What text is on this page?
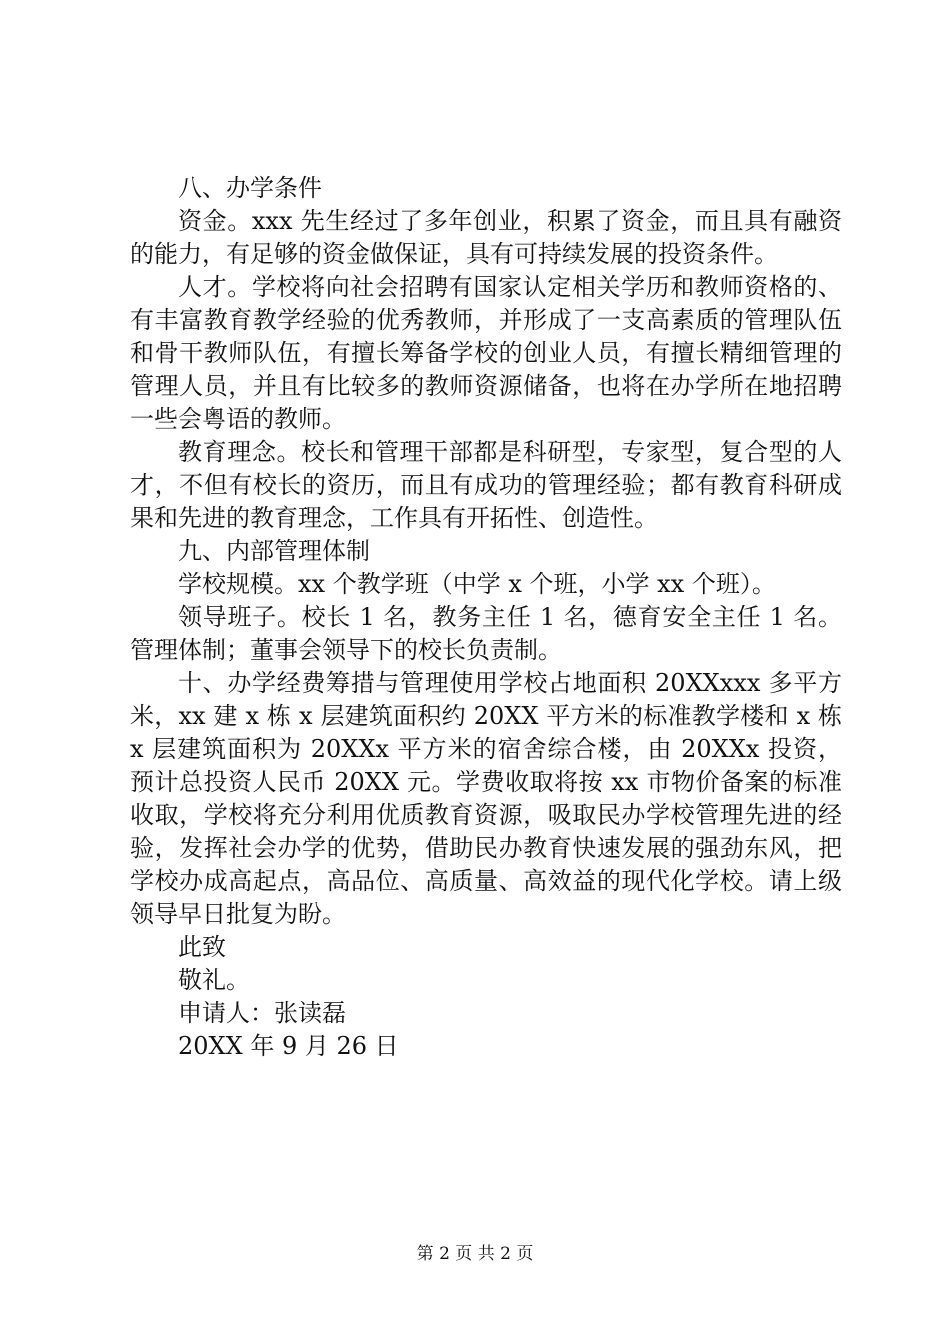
八、办学条件

资金。xxx 先生经过了多年创业，积累了资金，而且具有融资的能力，有足够的资金做保证，具有可持续发展的投资条件。

人才。学校将向社会招聘有国家认定相关学历和教师资格的、有丰富教育教学经验的优秀教师，并形成了一支高素质的管理队伍和骨干教师队伍，有擅长筹备学校的创业人员，有擅长精细管理的管理人员，并且有比较多的教师资源储备，也将在办学所在地招聘一些会粤语的教师。

教育理念。校长和管理干部都是科研型，专家型，复合型的人才，不但有校长的资历，而且有成功的管理经验；都有教育科研成果和先进的教育理念，工作具有开拓性、创造性。

九、内部管理体制

学校规模。xx 个教学班（中学 x 个班，小学 xx 个班）。

领导班子。校长 1 名，教务主任 1 名，德育安全主任 1 名。管理体制；董事会领导下的校长负责制。

十、办学经费筹措与管理使用学校占地面积 20XXxxx 多平方米，xx 建 x 栋 x 层建筑面积约 20XX 平方米的标准教学楼和 x 栋 x 层建筑面积为 20XXx 平方米的宿舍综合楼，由 20XXx 投资，预计总投资人民币 20XX 元。学费收取将按 xx 市物价备案的标准收取，学校将充分利用优质教育资源，吸取民办学校管理先进的经验，发挥社会办学的优势，借助民办教育快速发展的强劲东风，把学校办成高起点，高品位、高质量、高效益的现代化学校。请上级领导早日批复为盼。

此致

敬礼。

申请人：张读磊

20XX 年 9 月 26 日

第 2 页 共 2 页
